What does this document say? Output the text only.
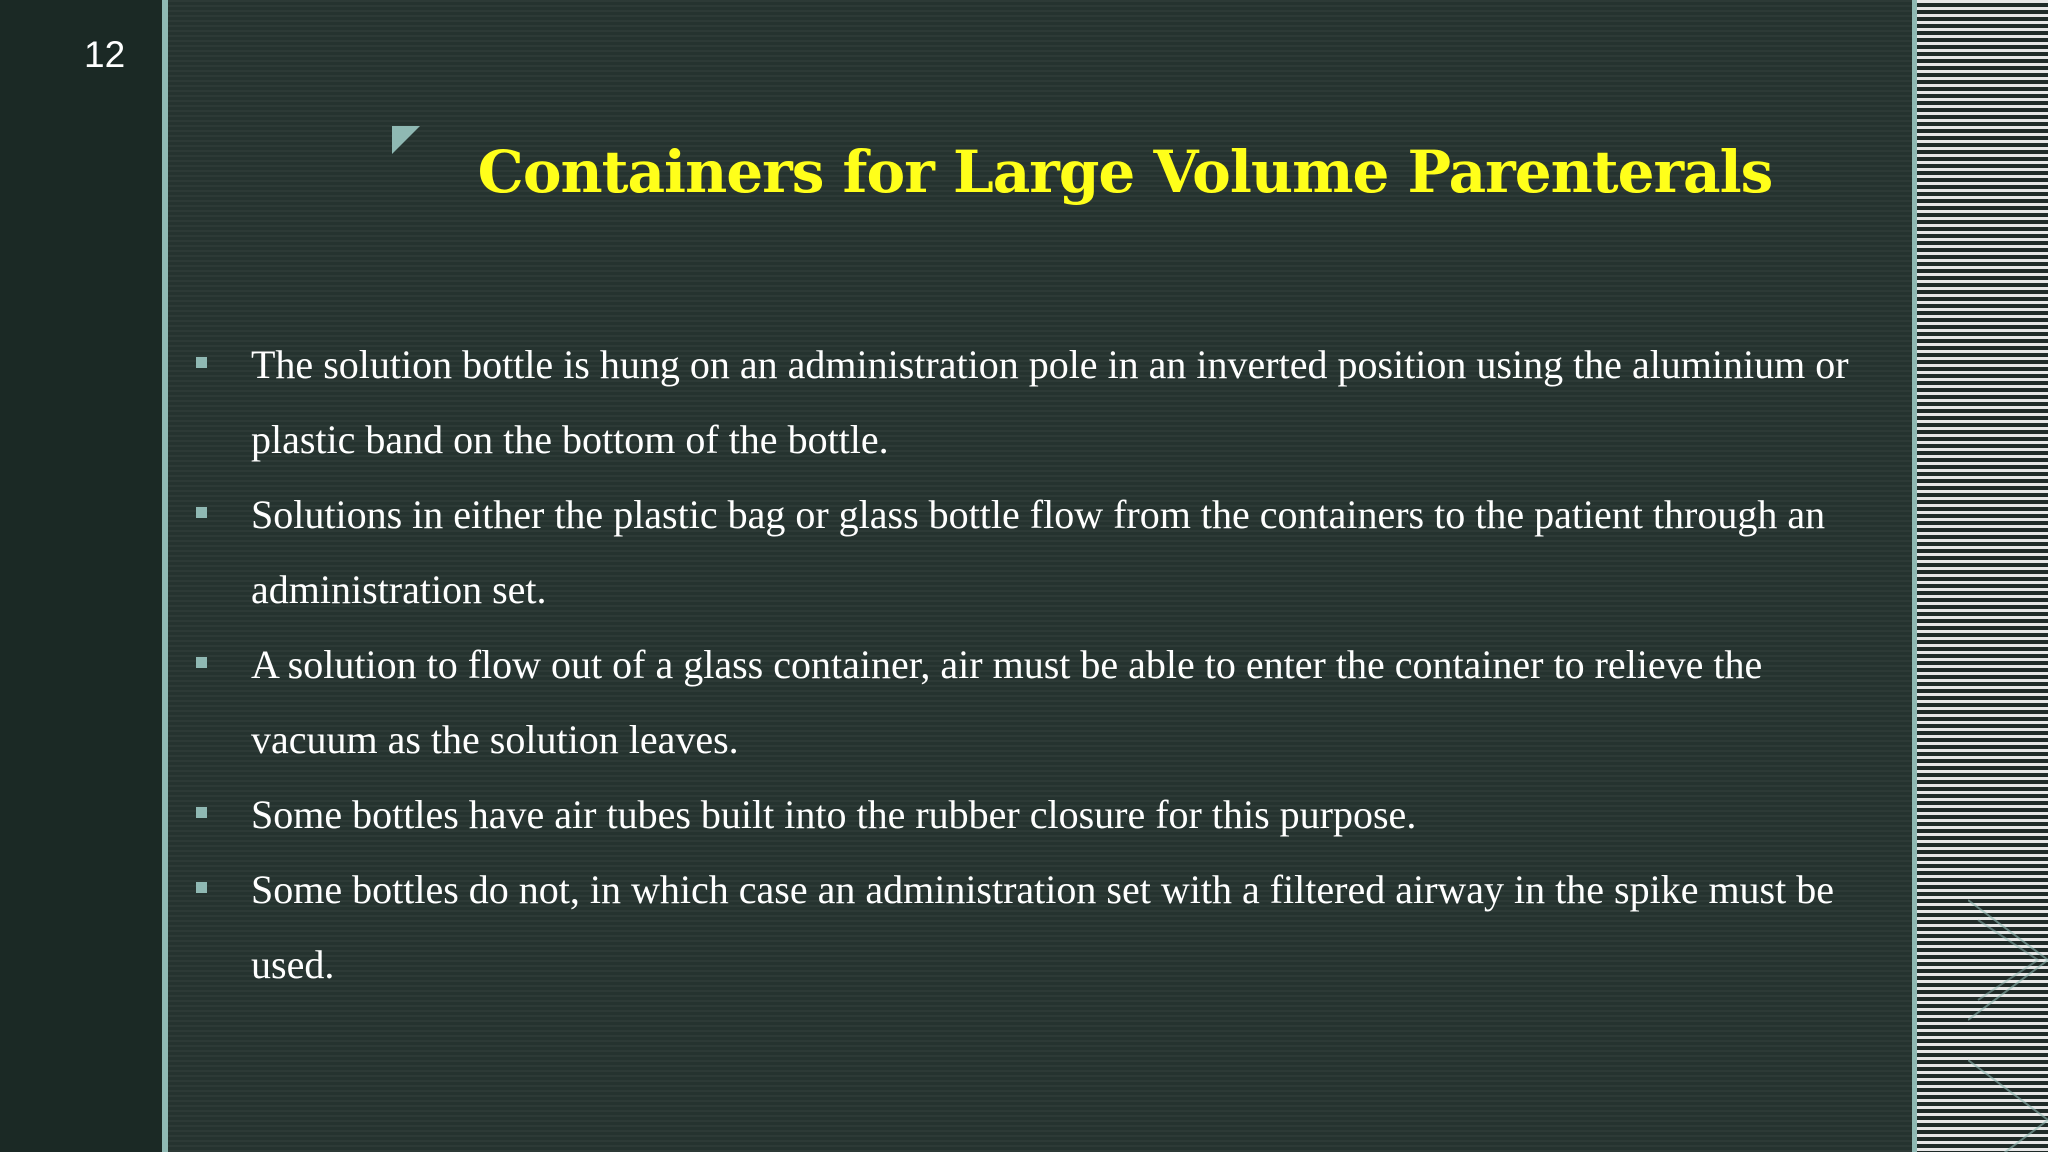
12
Containers for Large Volume Parenterals
The solution bottle is hung on an administration pole in an inverted position using the aluminium or plastic band on the bottom of the bottle.
Solutions in either the plastic bag or glass bottle flow from the containers to the patient through an administration set.
A solution to flow out of a glass container, air must be able to enter the container to relieve the vacuum as the solution leaves.
Some bottles have air tubes built into the rubber closure for this purpose.
Some bottles do not, in which case an administration set with a filtered airway in the spike must be used.
